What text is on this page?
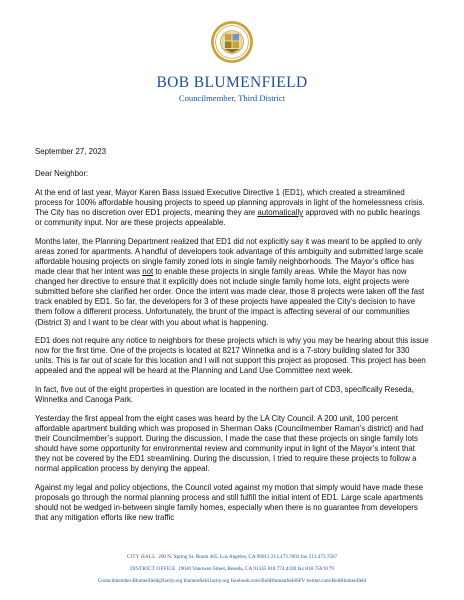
BOB BLUMENFIELD
Councilmember, Third District

September 27, 2023

Dear Neighbor:

At the end of last year, Mayor Karen Bass issued Executive Directive 1 (ED1), which created a streamlined process for 100% affordable housing projects to speed up planning approvals in light of the homelessness crisis. The City has no discretion over ED1 projects, meaning they are automatically approved with no public hearings or community input. Nor are these projects appealable.

Months later, the Planning Department realized that ED1 did not explicitly say it was meant to be applied to only areas zoned for apartments. A handful of developers took advantage of this ambiguity and submitted large scale affordable housing projects on single family zoned lots in single family neighborhoods. The Mayor’s office has made clear that her intent was not to enable these projects in single family areas. While the Mayor has now changed her directive to ensure that it explicitly does not include single family home lots, eight projects were submitted before she clarified her order. Once the intent was made clear, those 8 projects were taken off the fast track enabled by ED1. So far, the developers for 3 of these projects have appealed the City’s decision to have them follow a different process. Unfortunately, the brunt of the impact is affecting several of our communities (District 3) and I want to be clear with you about what is happening.

ED1 does not require any notice to neighbors for these projects which is why you may be hearing about this issue now for the first time. One of the projects is located at 8217 Winnetka and is a 7-story building slated for 330 units. This is far out of scale for this location and I will not support this project as proposed. This project has been appealed and the appeal will be heard at the Planning and Land Use Committee next week.

In fact, five out of the eight properties in question are located in the northern part of CD3, specifically Reseda, Winnetka and Canoga Park.

Yesterday the first appeal from the eight cases was heard by the LA City Council. A 200 unit, 100 percent affordable apartment building which was proposed in Sherman Oaks (Councilmember Raman’s district) and had their Councilmember’s support. During the discussion, I made the case that these projects on single family lots should have some opportunity for environmental review and community input in light of the Mayor’s intent that they not be covered by the ED1 streamlining. During the discussion, I tried to require these projects to follow a normal application process by denying the appeal.

Against my legal and policy objections, the Council voted against my motion that simply would have made these proposals go through the normal planning process and still fulfill the initial intent of ED1. Large scale apartments should not be wedged in-between single family homes, especially when there is no guarantee from developers that any mitigation efforts like new traffic

CITY HALL 200 N. Spring St. Room 465, Los Angeles, CA 90012 213.473.7003 fax 213.473.7567
DISTRICT OFFICE 19040 Vanowen Street, Reseda, CA 91335 818.774.4330 fax 818.756.9179
Councilmember.Blumenfield@lacity.org blumenfield.lacity.org facebook.com/BobBlumenfieldSFV twitter.com/BobBlumenfield
